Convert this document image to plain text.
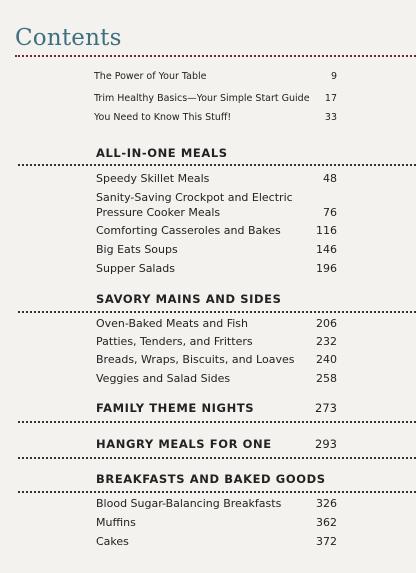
Contents
The Power of Your Table	9
Trim Healthy Basics—Your Simple Start Guide 17
You Need to Know This Stuff!	33
ALL-IN-ONE MEALS
Speedy Skillet Meals	48
Sanity-Saving Crockpot and Electric Pressure Cooker Meals	76
Comforting Casseroles and Bakes	116
Big Eats Soups	146
Supper Salads	196
SAVORY MAINS AND SIDES
Oven-Baked Meats and Fish	206
Patties, Tenders, and Fritters	232
Breads, Wraps, Biscuits, and Loaves 240
Veggies and Salad Sides	258
FAMILY THEME NIGHTS	273
HANGRY MEALS FOR ONE	293
BREAKFASTS AND BAKED GOODS
Blood Sugar-Balancing Breakfasts	326
Muffins	362
Cakes	372
